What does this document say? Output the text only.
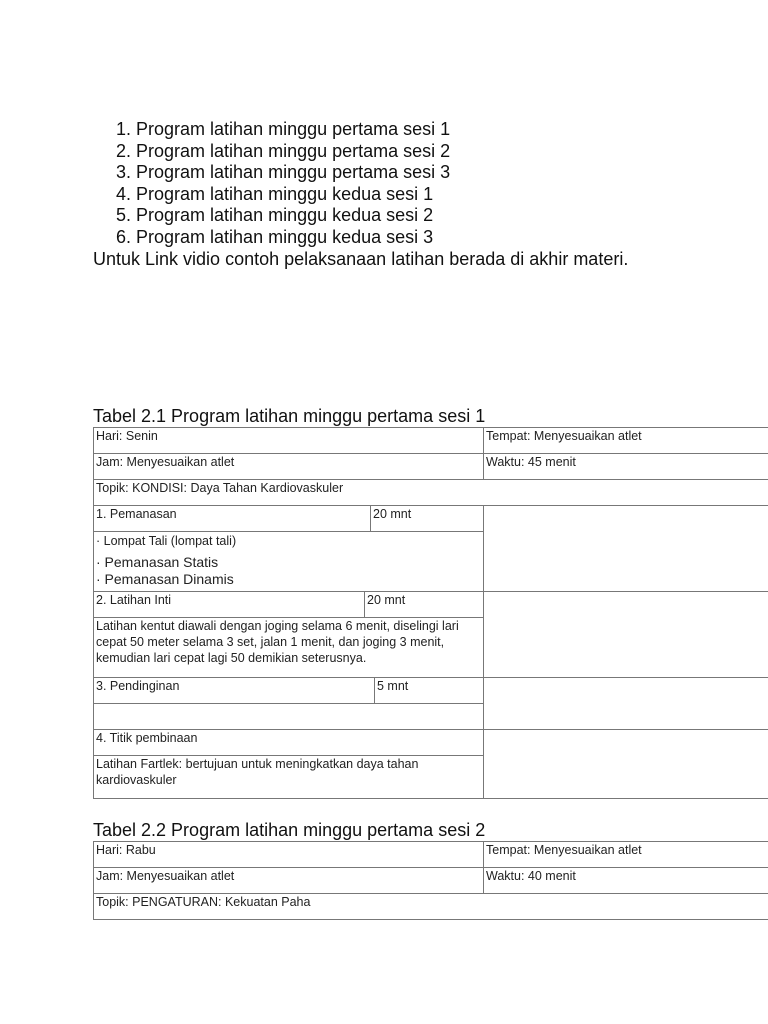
1. Program latihan minggu pertama sesi 1
2. Program latihan minggu pertama sesi 2
3. Program latihan minggu pertama sesi 3
4. Program latihan minggu kedua sesi 1
5. Program latihan minggu kedua sesi 2
6. Program latihan minggu kedua sesi 3

Untuk Link vidio contoh pelaksanaan latihan berada di akhir materi.

Tabel 2.1 Program latihan minggu pertama sesi 1
Hari: Senin	Tempat: Menyesuaikan atlet
Jam: Menyesuaikan atlet	Waktu: 45 menit
Topik: KONDISI: Daya Tahan Kardiovaskuler
1. Pemanasan	20 mnt
· Lompat Tali (lompat tali)
· Pemanasan Statis
· Pemanasan Dinamis
2. Latihan Inti	20 mnt
Latihan kentut diawali dengan joging selama 6 menit, diselingi lari cepat 50 meter selama 3 set, jalan 1 menit, dan joging 3 menit, kemudian lari cepat lagi 50 demikian seterusnya.
3. Pendinginan	5 mnt
4. Titik pembinaan
Latihan Fartlek: bertujuan untuk meningkatkan daya tahan kardiovaskuler
Tabel 2.2 Program latihan minggu pertama sesi 2
Hari: Rabu	Tempat: Menyesuaikan atlet
Jam: Menyesuaikan atlet	Waktu: 40 menit
Topik: PENGATURAN: Kekuatan Paha
